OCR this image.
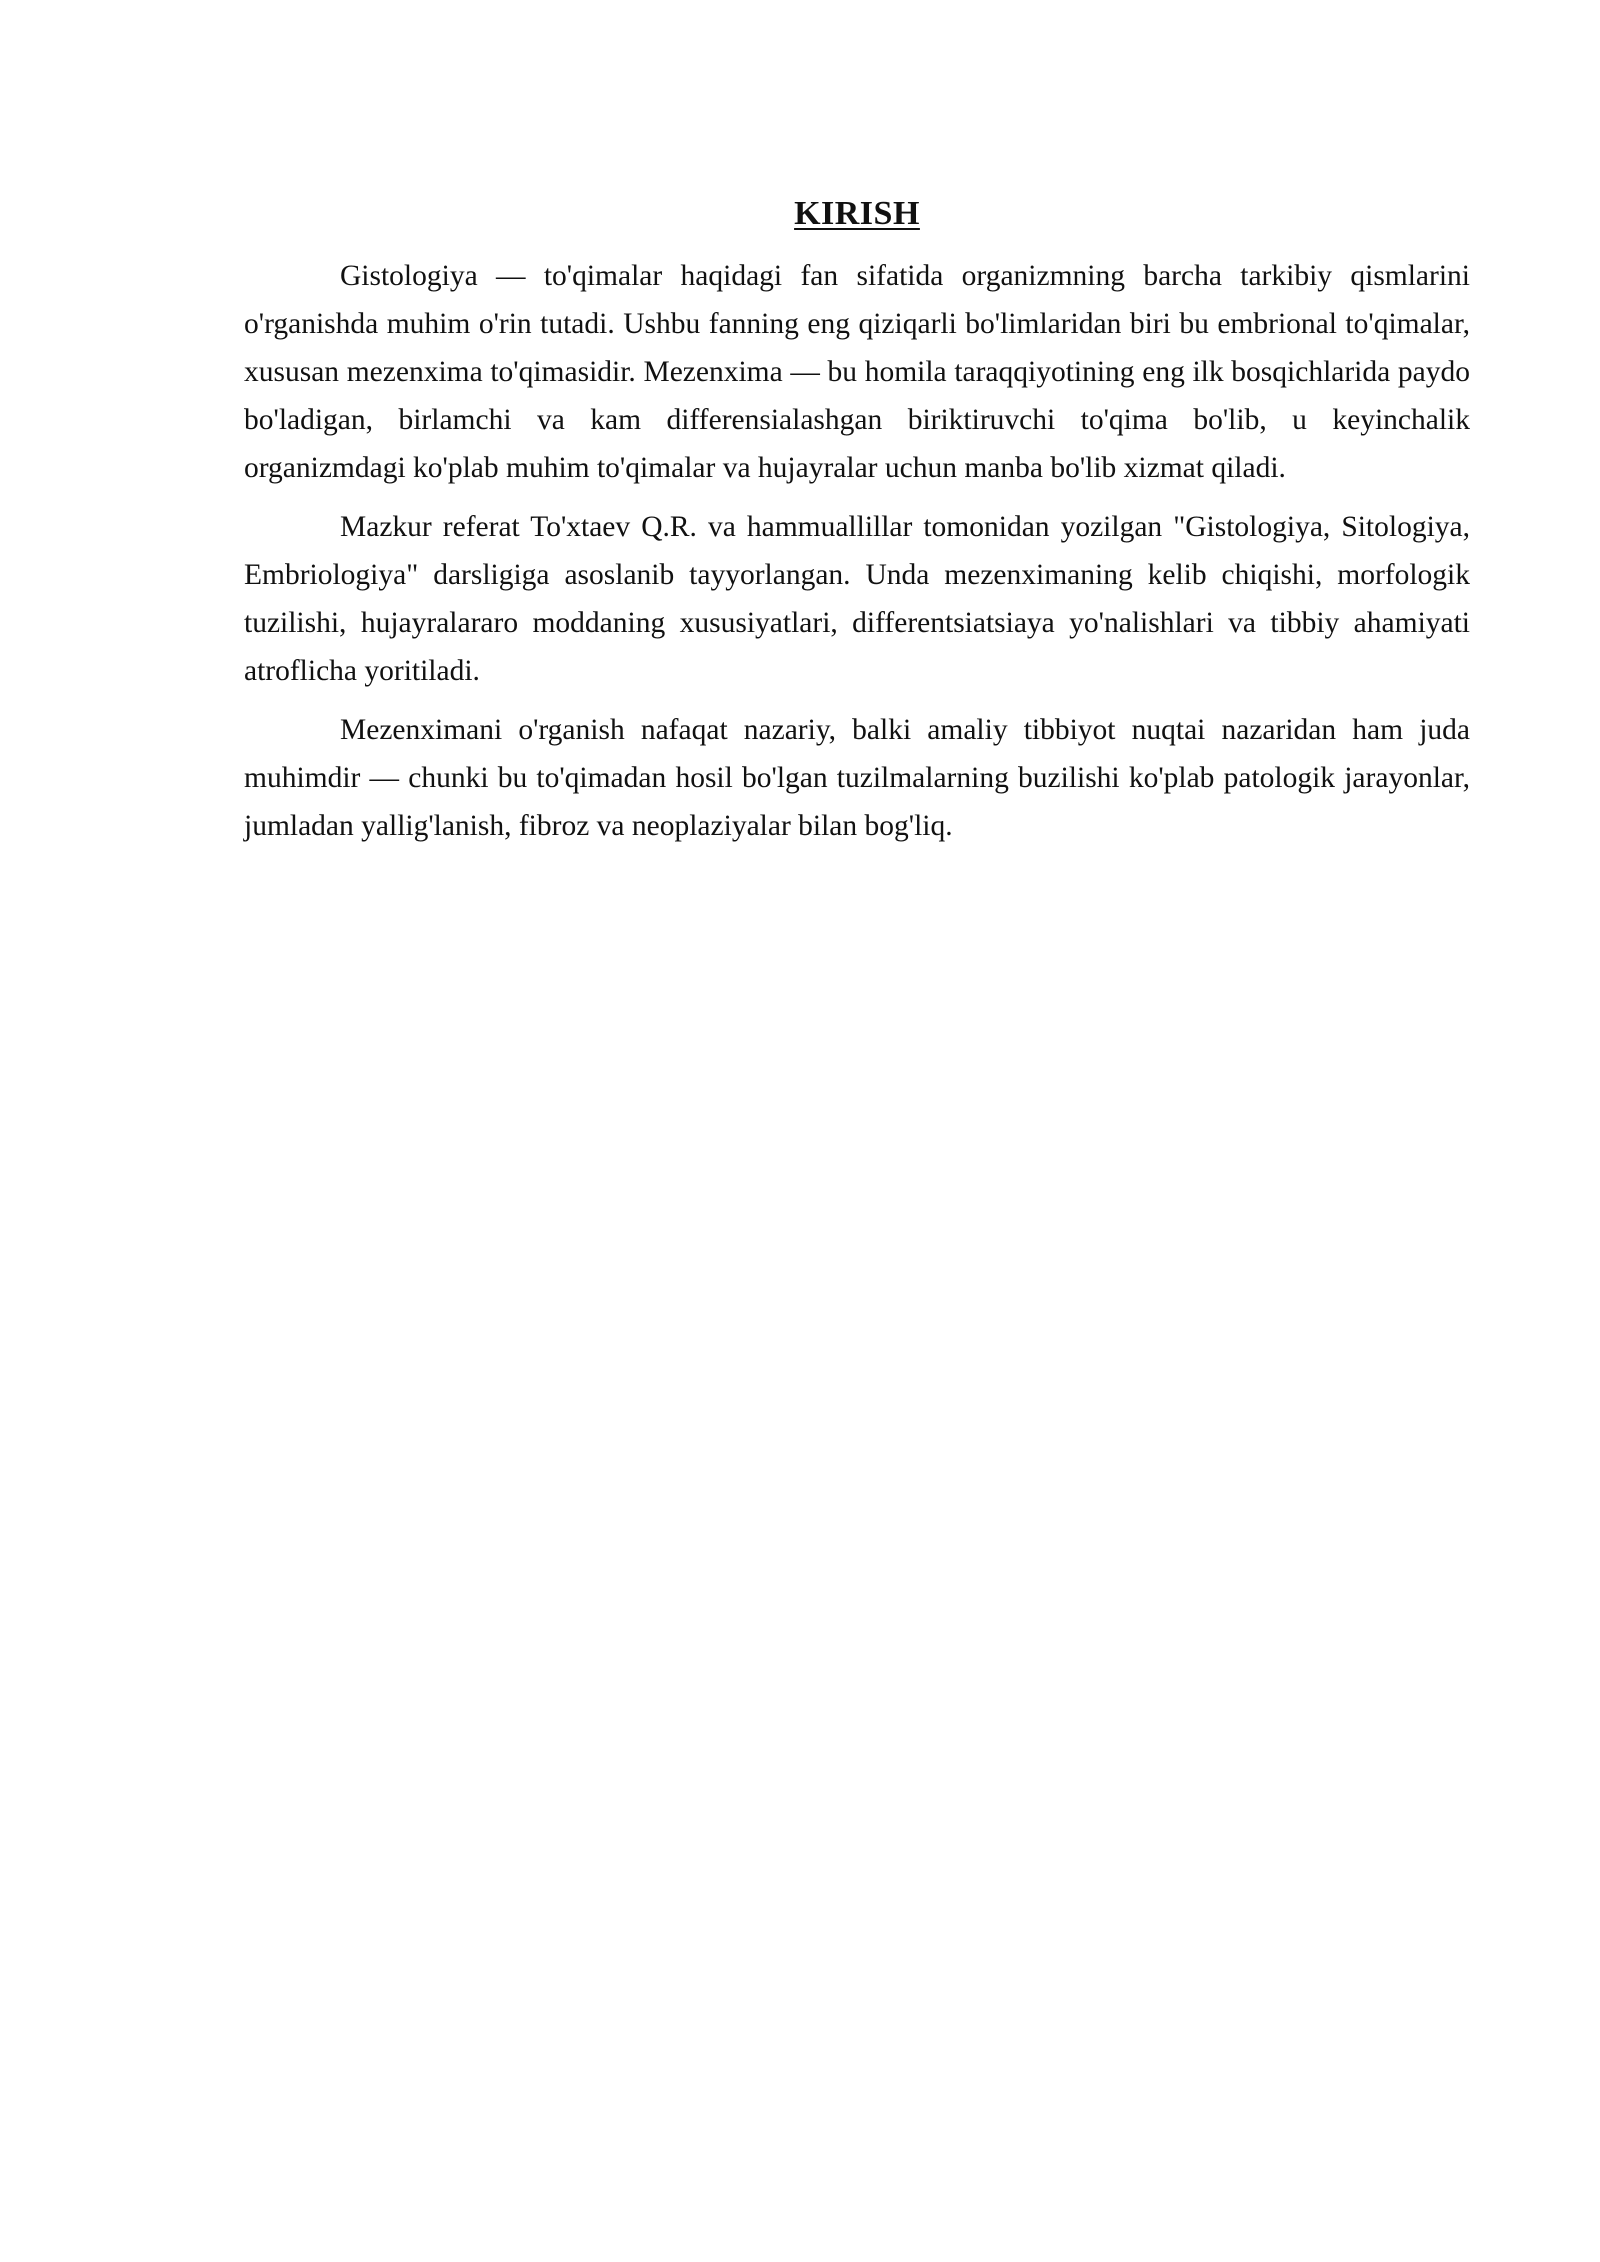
KIRISH

Gistologiya — to'qimalar haqidagi fan sifatida organizmning barcha tarkibiy qismlarini o'rganishda muhim o'rin tutadi. Ushbu fanning eng qiziqarli bo'limlaridan biri bu embrional to'qimalar, xususan mezenxima to'qimasidir. Mezenxima — bu homila taraqqiyotining eng ilk bosqichlarida paydo bo'ladigan, birlamchi va kam differensialashgan biriktiruvchi to'qima bo'lib, u keyinchalik organizmdagi ko'plab muhim to'qimalar va hujayralar uchun manba bo'lib xizmat qiladi.

Mazkur referat To'xtaev Q.R. va hammuallillar tomonidan yozilgan "Gistologiya, Sitologiya, Embriologiya" darsligiga asoslanib tayyorlangan. Unda mezenximaning kelib chiqishi, morfologik tuzilishi, hujayralararo moddaning xususiyatlari, differentsiatsiaya yo'nalishlari va tibbiy ahamiyati atroflicha yoritiladi.

Mezenximani o'rganish nafaqat nazariy, balki amaliy tibbiyot nuqtai nazaridan ham juda muhimdir — chunki bu to'qimadan hosil bo'lgan tuzilmalarning buzilishi ko'plab patologik jarayonlar, jumladan yallig'lanish, fibroz va neoplaziyalar bilan bog'liq.
